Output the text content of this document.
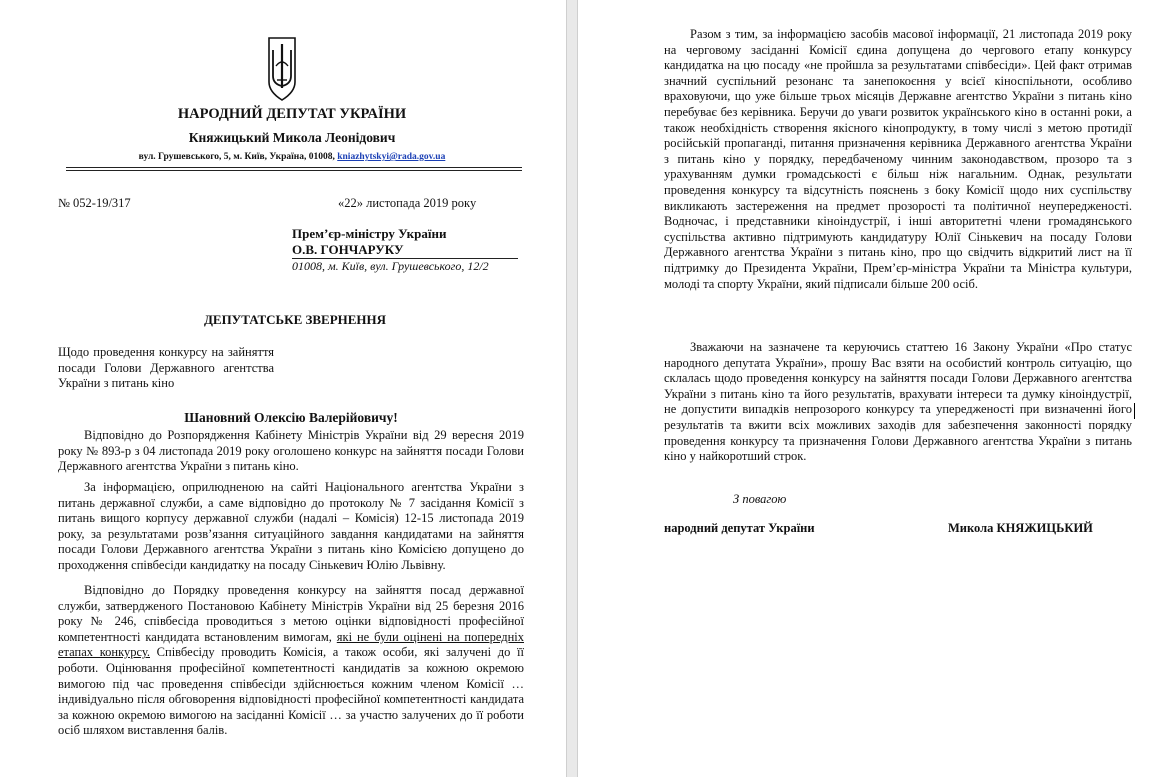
НАРОДНИЙ ДЕПУТАТ УКРАЇНИ
Княжицький Микола Леонідович
вул. Грушевського, 5, м. Київ, Україна, 01008, kniazhytskyi@rada.gov.ua
№ 052-19/317	«22» листопада 2019 року
Прем’єр-міністру України
О.В. ГОНЧАРУКУ
01008, м. Київ, вул. Грушевського, 12/2
ДЕПУТАТСЬКЕ ЗВЕРНЕННЯ
Щодо проведення конкурсу на зайняття посади Голови Державного агентства України з питань кіно
Шановний Олексію Валерійовичу!
Відповідно до Розпорядження Кабінету Міністрів України від 29 вересня 2019 року № 893-р з 04 листопада 2019 року оголошено конкурс на зайняття посади Голови Державного агентства України з питань кіно.
За інформацією, оприлюдненою на сайті Національного агентства України з питань державної служби, а саме відповідно до протоколу № 7 засідання Комісії з питань вищого корпусу державної служби (надалі – Комісія) 12-15 листопада 2019 року, за результатами розв’язання ситуаційного завдання кандидатами на зайняття посади Голови Державного агентства України з питань кіно Комісією допущено до проходження співбесіди кандидатку на посаду Сінькевич Юлію Львівну.
Відповідно до Порядку проведення конкурсу на зайняття посад державної служби, затвердженого Постановою Кабінету Міністрів України від 25 березня 2016 року № 246, співбесіда проводиться з метою оцінки відповідності професійної компетентності кандидата встановленим вимогам, які не були оцінені на попередніх етапах конкурсу. Співбесіду проводить Комісія, а також особи, які залучені до її роботи. Оцінювання професійної компетентності кандидатів за кожною окремою вимогою під час проведення співбесіди здійснюється кожним членом Комісії … індивідуально після обговорення відповідності професійної компетентності кандидата за кожною окремою вимогою на засіданні Комісії … за участю залучених до її роботи осіб шляхом виставлення балів.
Разом з тим, за інформацією засобів масової інформації, 21 листопада 2019 року на черговому засіданні Комісії єдина допущена до чергового етапу конкурсу кандидатка на цю посаду «не пройшла за результатами співбесіди». Цей факт отримав значний суспільний резонанс та занепокоєння у всієї кіноспільноти, особливо враховуючи, що уже більше трьох місяців Державне агентство України з питань кіно перебуває без керівника. Беручи до уваги розвиток українського кіно в останні роки, а також необхідність створення якісного кінопродукту, в тому числі з метою протидії російській пропаганді, питання призначення керівника Державного агентства України з питань кіно у порядку, передбаченому чинним законодавством, прозоро та з урахуванням думки громадськості є більш ніж нагальним. Однак, результати проведення конкурсу та відсутність пояснень з боку Комісії щодо них суспільству викликають застереження на предмет прозорості та політичної неупередженості. Водночас, і представники кіноіндустрії, і інші авторитетні члени громадянського суспільства активно підтримують кандидатуру Юлії Сінькевич на посаду Голови Державного агентства України з питань кіно, про що свідчить відкритий лист на її підтримку до Президента України, Прем’єр-міністра України та Міністра культури, молоді та спорту України, який підписали більше 200 осіб.
Зважаючи на зазначене та керуючись статтею 16 Закону України «Про статус народного депутата України», прошу Вас взяти на особистий контроль ситуацію, що склалась щодо проведення конкурсу на зайняття посади Голови Державного агентства України з питань кіно та його результатів, врахувати інтереси та думку кіноіндустрії, не допустити випадків непрозорого конкурсу та упередженості при визначенні його результатів та вжити всіх можливих заходів для забезпечення законності порядку проведення конкурсу та призначення Голови Державного агентства України з питань кіно у найкоротший строк.
З повагою
народний депутат України	Микола КНЯЖИЦЬКИЙ
